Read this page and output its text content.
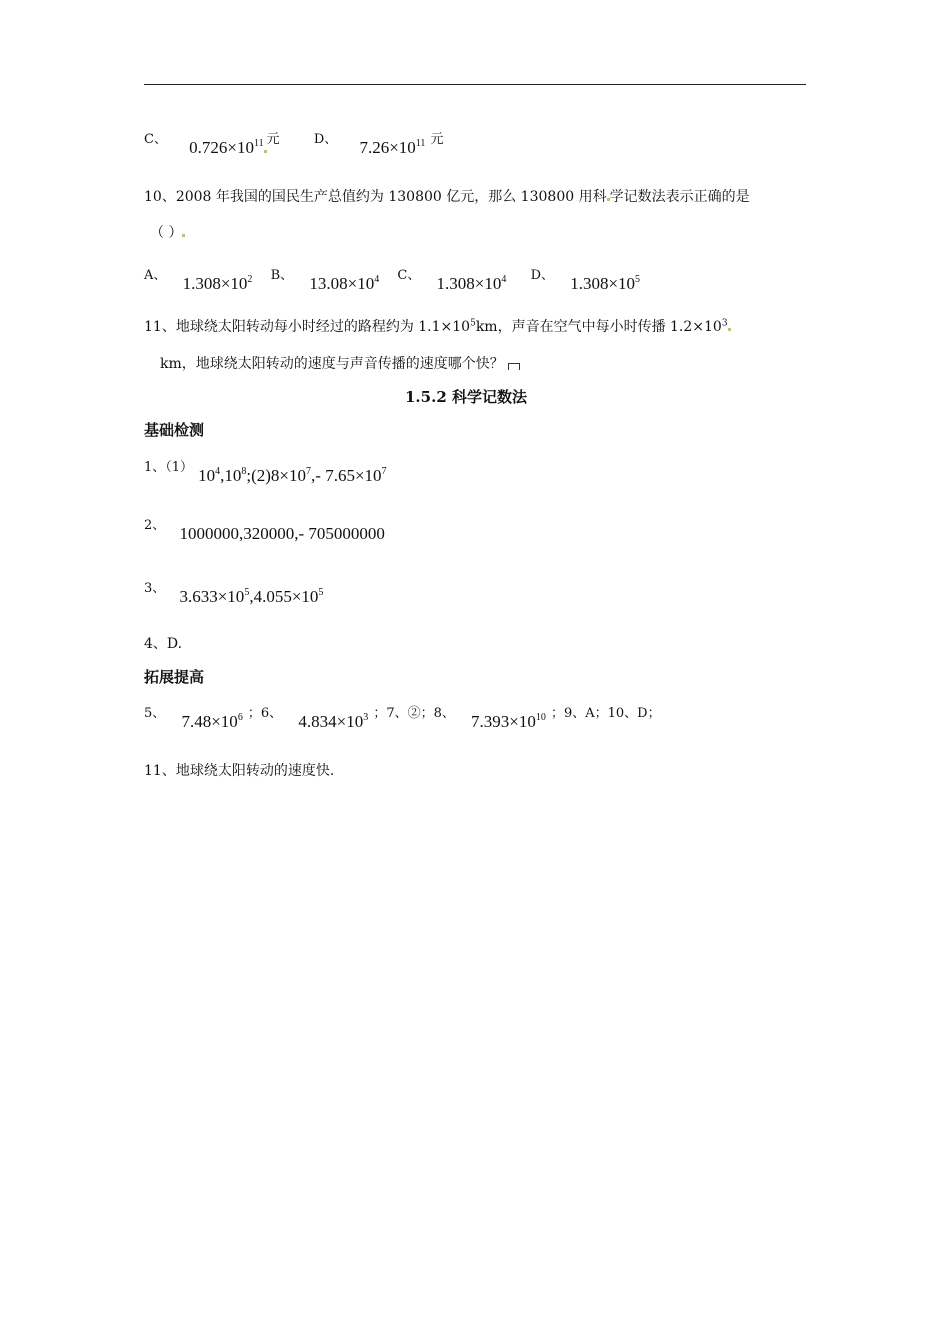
$^{C、}$ $0.726\times 10^{11}$ $^元$	$^{D、}$ $7.26\times 10^{11}$ $^元$
10、2008 年我国的国民生产总值约为 130800 亿元，那么 130800 用科 学记数法表示正确的是
（ ）
$^{A、}$ $1.308\times 10^2$ $^{B、}$ $13.08\times 10^4$ $^{C、}$ $1.308\times 10^4$ $^{D、}$ $1.308\times 10^5$
11、地球绕太阳转动每小时经过的路程约为 $1.1\times 10^5km$，声音在空气中每小时传播 $1.2\times 10^3$
km，地球绕太阳转动的速度与声音传播的速度哪个快？
1.5.2 科学记数法
基础检测
$^{1、(1)}$ $10^4,10^8;(2)8\times 10^7,-$ $7.65\times 10^7$
$^{2、}$ 1000000,320000,- 705000000
$^{3、}$ $3.633\times 10^5,4.055\times 10^5$
4、D.
拓展提高
$^{5、}$ $7.48\times 10^6$ $^{;6、}$ $4.834\times 10^3$ $^{;7、②;8、}$ $7.393\times 10^{10}$ $^{;9、A;10、D;}$
11、地球绕太阳转动的速度快.
